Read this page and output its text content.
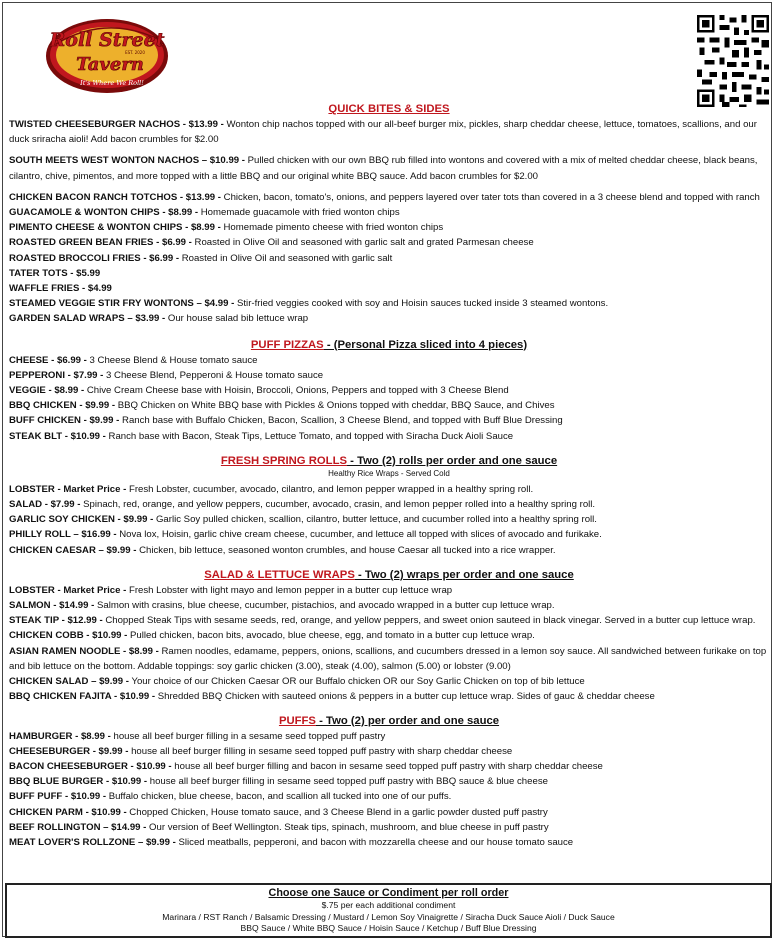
Roll Street
EST. 2020
Tavern
It's Where We Roll!
QUICK BITES & SIDES
TWISTED CHEESEBURGER NACHOS - $13.99 - Wonton chip nachos topped with our all-beef burger mix, pickles, sharp cheddar cheese, lettuce, tomatoes, scallions, and our duck sriracha aioli! Add bacon crumbles for $2.00
SOUTH MEETS WEST WONTON NACHOS – $10.99 - Pulled chicken with our own BBQ rub filled into wontons and covered with a mix of melted cheddar cheese, black beans, cilantro, chive, pimentos, and more topped with a little BBQ and our original white BBQ sauce. Add bacon crumbles for $2.00
CHICKEN BACON RANCH TOTCHOS - $13.99 - Chicken, bacon, tomato's, onions, and peppers layered over tater tots than covered in a 3 cheese blend and topped with ranch
GUACAMOLE & WONTON CHIPS - $8.99 - Homemade guacamole with fried wonton chips
PIMENTO CHEESE & WONTON CHIPS - $8.99 - Homemade pimento cheese with fried wonton chips
ROASTED GREEN BEAN FRIES - $6.99 - Roasted in Olive Oil and seasoned with garlic salt and grated Parmesan cheese
ROASTED BROCCOLI FRIES - $6.99 - Roasted in Olive Oil and seasoned with garlic salt
TATER TOTS - $5.99
WAFFLE FRIES - $4.99
STEAMED VEGGIE STIR FRY WONTONS – $4.99 - Stir-fried veggies cooked with soy and Hoisin sauces tucked inside 3 steamed wontons.
GARDEN SALAD WRAPS – $3.99 - Our house salad bib lettuce wrap
PUFF PIZZAS - (Personal Pizza sliced into 4 pieces)
CHEESE - $6.99 - 3 Cheese Blend & House tomato sauce
PEPPERONI - $7.99 - 3 Cheese Blend, Pepperoni & House tomato sauce
VEGGIE - $8.99 - Chive Cream Cheese base with Hoisin, Broccoli, Onions, Peppers and topped with 3 Cheese Blend
BBQ CHICKEN - $9.99 - BBQ Chicken on White BBQ base with Pickles & Onions topped with cheddar, BBQ Sauce, and Chives
BUFF CHICKEN - $9.99 - Ranch base with Buffalo Chicken, Bacon, Scallion, 3 Cheese Blend, and topped with Buff Blue Dressing
STEAK BLT - $10.99 - Ranch base with Bacon, Steak Tips, Lettuce Tomato, and topped with Siracha Duck Aioli Sauce
FRESH SPRING ROLLS - Two (2) rolls per order and one sauce
Healthy Rice Wraps - Served Cold
LOBSTER - Market Price - Fresh Lobster, cucumber, avocado, cilantro, and lemon pepper wrapped in a healthy spring roll.
SALAD - $7.99 - Spinach, red, orange, and yellow peppers, cucumber, avocado, crasin, and lemon pepper rolled into a healthy spring roll.
GARLIC SOY CHICKEN - $9.99 - Garlic Soy pulled chicken, scallion, cilantro, butter lettuce, and cucumber rolled into a healthy spring roll.
PHILLY ROLL – $16.99 - Nova lox, Hoisin, garlic chive cream cheese, cucumber, and lettuce all topped with slices of avocado and furikake.
CHICKEN CAESAR – $9.99 - Chicken, bib lettuce, seasoned wonton crumbles, and house Caesar all tucked into a rice wrapper.
SALAD & LETTUCE WRAPS - Two (2) wraps per order and one sauce
LOBSTER - Market Price - Fresh Lobster with light mayo and lemon pepper in a butter cup lettuce wrap
SALMON - $14.99 - Salmon with crasins, blue cheese, cucumber, pistachios, and avocado wrapped in a butter cup lettuce wrap.
STEAK TIP - $12.99 - Chopped Steak Tips with sesame seeds, red, orange, and yellow peppers, and sweet onion sauteed in black vinegar. Served in a butter cup lettuce wrap.
CHICKEN COBB - $10.99 - Pulled chicken, bacon bits, avocado, blue cheese, egg, and tomato in a butter cup lettuce wrap.
ASIAN RAMEN NOODLE - $8.99 - Ramen noodles, edamame, peppers, onions, scallions, and cucumbers dressed in a lemon soy sauce. All sandwiched between furikake on top and bib lettuce on the bottom. Addable toppings: soy garlic chicken (3.00), steak (4.00), salmon (5.00) or lobster (9.00)
CHICKEN SALAD – $9.99 - Your choice of our Chicken Caesar OR our Buffalo chicken OR our Soy Garlic Chicken on top of bib lettuce
BBQ CHICKEN FAJITA - $10.99 - Shredded BBQ Chicken with sauteed onions & peppers in a butter cup lettuce wrap. Sides of gauc & cheddar cheese
PUFFS - Two (2) per order and one sauce
HAMBURGER - $8.99 - house all beef burger filling in a sesame seed topped puff pastry
CHEESEBURGER - $9.99 - house all beef burger filling in sesame seed topped puff pastry with sharp cheddar cheese
BACON CHEESEBURGER - $10.99 - house all beef burger filling and bacon in sesame seed topped puff pastry with sharp cheddar cheese
BBQ BLUE BURGER - $10.99 - house all beef burger filling in sesame seed topped puff pastry with BBQ sauce & blue cheese
BUFF PUFF - $10.99 - Buffalo chicken, blue cheese, bacon, and scallion all tucked into one of our puffs.
CHICKEN PARM - $10.99 - Chopped Chicken, House tomato sauce, and 3 Cheese Blend in a garlic powder dusted puff pastry
BEEF ROLLINGTON – $14.99 - Our version of Beef Wellington. Steak tips, spinach, mushroom, and blue cheese in puff pastry
MEAT LOVER'S ROLLZONE – $9.99 - Sliced meatballs, pepperoni, and bacon with mozzarella cheese and our house tomato sauce
Choose one Sauce or Condiment per roll order
$.75 per each additional condiment
Marinara / RST Ranch / Balsamic Dressing / Mustard / Lemon Soy Vinaigrette / Siracha Duck Sauce Aioli / Duck Sauce
BBQ Sauce / White BBQ Sauce / Hoisin Sauce / Ketchup / Buff Blue Dressing
